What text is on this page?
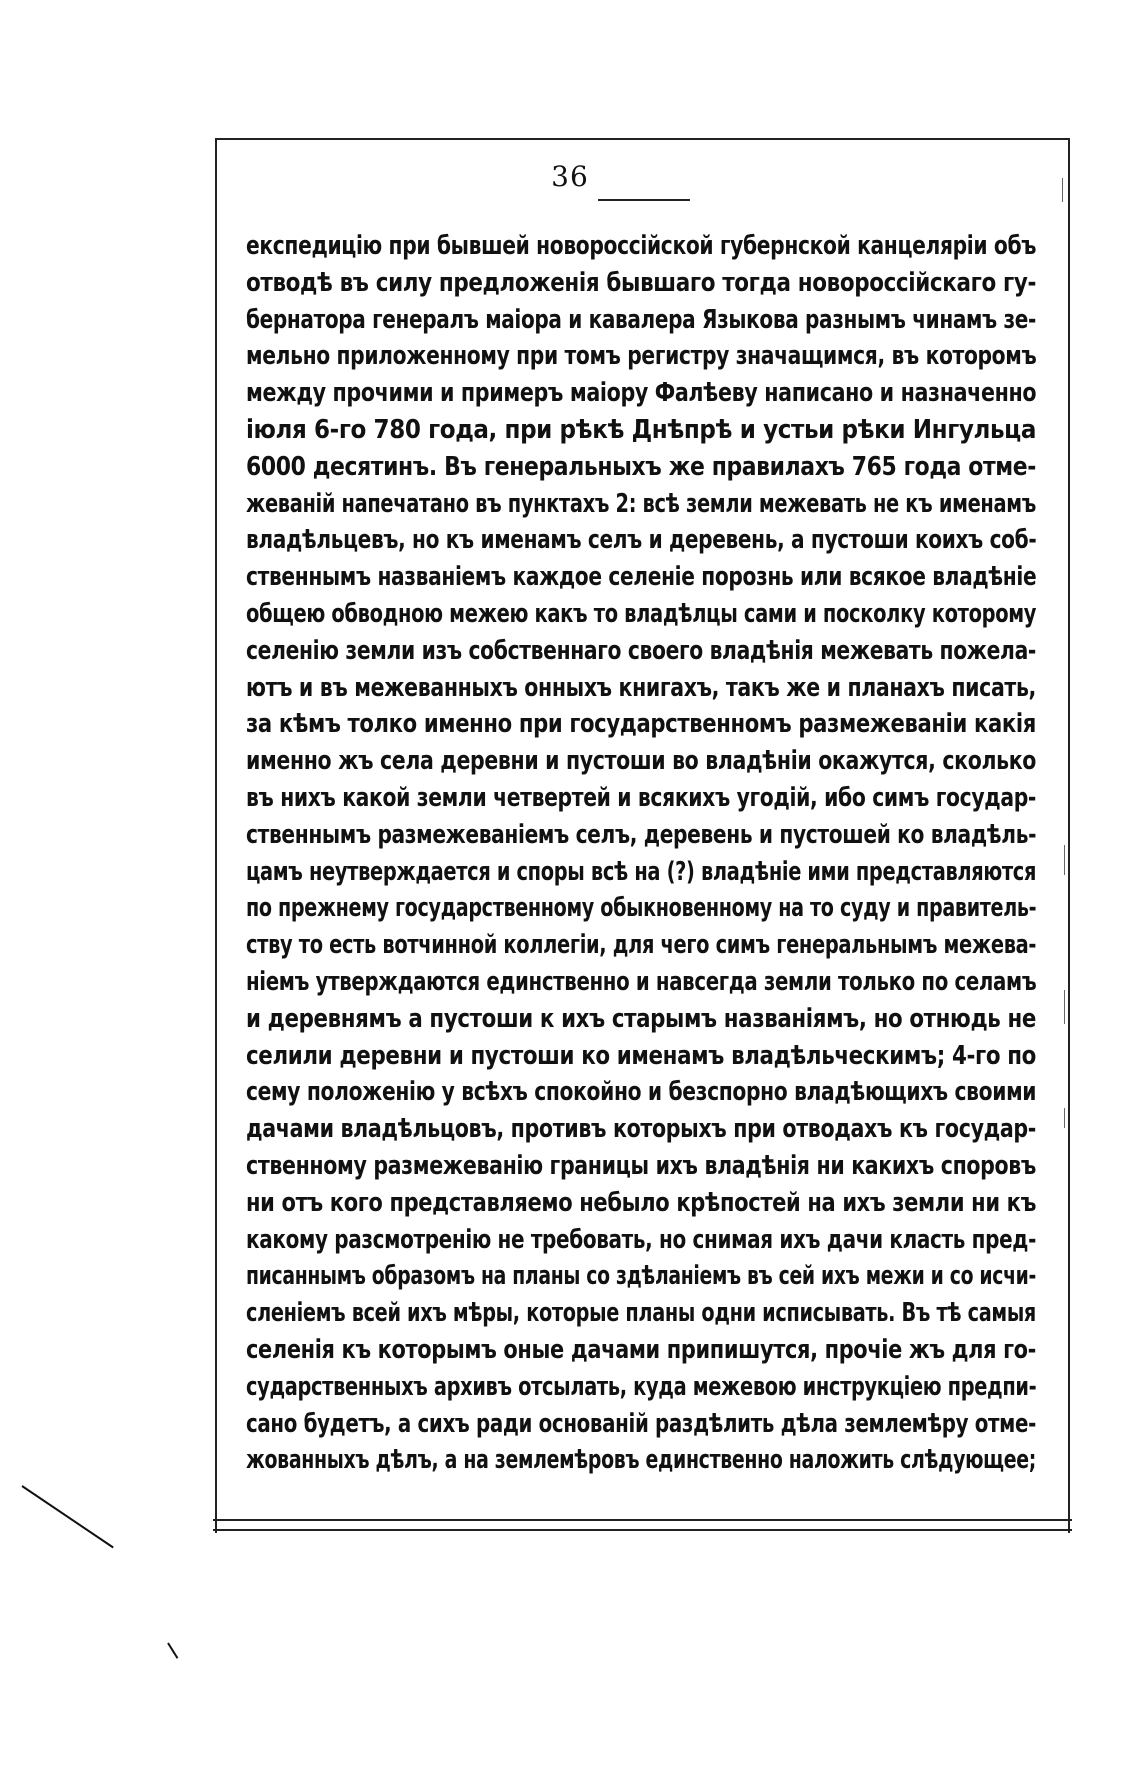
36
експедицію при бывшей новороссійской губернской канцеляріи объ
отводѣ въ силу предложенія бывшаго тогда новороссійскаго гу-
бернатора генералъ маіора и кавалера Языкова разнымъ чинамъ зе-
мельно приложенному при томъ регистру значащимся, въ которомъ
между прочими и примеръ маіору Фалѣеву написано и назначенно
іюля 6-го 780 года, при рѣкѣ Днѣпрѣ и устьи рѣки Ингульца
6000 десятинъ. Въ генеральныхъ же правилахъ 765 года отме-
жеваній напечатано въ пунктахъ 2: всѣ земли межевать не къ именамъ
владѣльцевъ, но къ именамъ селъ и деревень, а пустоши коихъ соб-
ственнымъ названіемъ каждое селеніе порознь или всякое владѣніе
общею обводною межею какъ то владѣлцы сами и посколку которому
селенію земли изъ собственнаго своего владѣнія межевать пожела-
ютъ и въ межеванныхъ онныхъ книгахъ, такъ же и планахъ писать,
за кѣмъ толко именно при государственномъ размежеваніи какія
именно жъ села деревни и пустоши во владѣніи окажутся, сколько
въ нихъ какой земли четвертей и всякихъ угодій, ибо симъ государ-
ственнымъ размежеваніемъ селъ, деревень и пустошей ко владѣль-
цамъ неутверждается и споры всѣ на (?) владѣніе ими представляются
по прежнему государственному обыкновенному на то суду и правитель-
ству то есть вотчинной коллегіи, для чего симъ генеральнымъ межева-
ніемъ утверждаются единственно и навсегда земли только по селамъ
и деревнямъ а пустоши к ихъ старымъ названіямъ, но отнюдь не
селили деревни и пустоши ко именамъ владѣльческимъ; 4-го по
сему положенію у всѣхъ спокойно и безспорно владѣющихъ своими
дачами владѣльцовъ, противъ которыхъ при отводахъ къ государ-
ственному размежеванію границы ихъ владѣнія ни какихъ споровъ
ни отъ кого представляемо небыло крѣпостей на ихъ земли ни къ
какому разсмотренію не требовать, но снимая ихъ дачи класть пред-
писаннымъ образомъ на планы со здѣланіемъ въ сей ихъ межи и со исчи-
сленіемъ всей ихъ мѣры, которые планы одни исписывать. Въ тѣ самыя
селенія къ которымъ оные дачами припишутся, прочіе жъ для го-
сударственныхъ архивъ отсылать, куда межевою инструкціею предпи-
сано будетъ, а сихъ ради основаній раздѣлить дѣла землемѣру отме-
жованныхъ дѣлъ, а на землемѣровъ единственно наложить слѣдующее;
